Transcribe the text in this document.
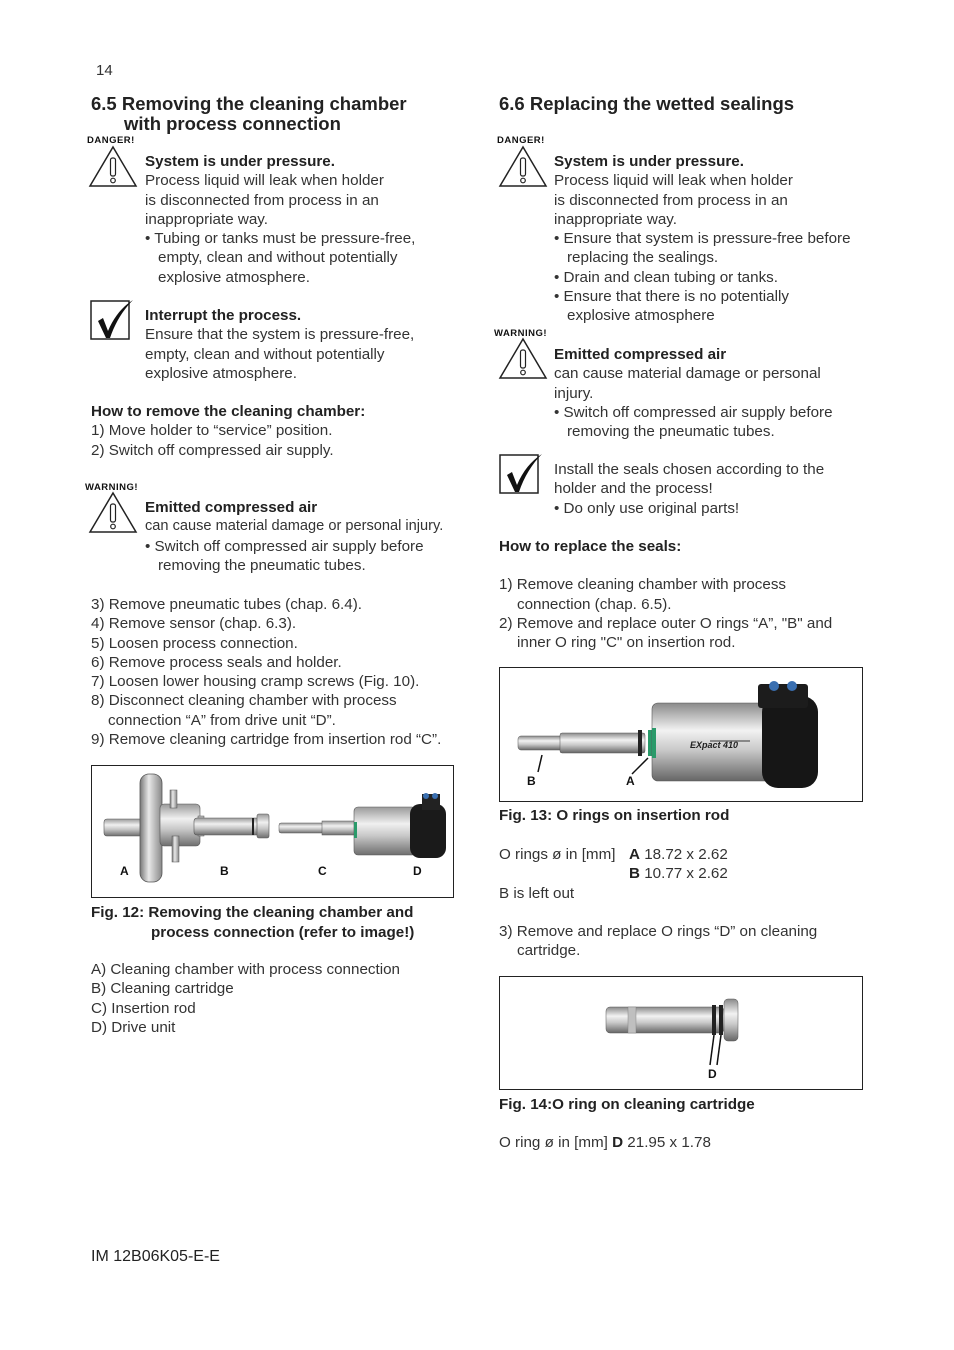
14
6.5 Removing the cleaning chamber
with process connection
DANGER!
System is under pressure.
Process liquid will leak when holder
is disconnected from process in an
inappropriate way.
• Tubing or tanks must be pressure-free,
empty, clean and without potentially
explosive atmosphere.
Interrupt the process.
Ensure that the system is pressure-free,
empty, clean and without potentially
explosive atmosphere.
How to remove the cleaning chamber:
1) Move holder to “service” position.
2) Switch off compressed air supply.
WARNING!
Emitted compressed air
can cause material damage or personal injury.
• Switch off compressed air supply before
removing the pneumatic tubes.
3) Remove pneumatic tubes (chap. 6.4).
4) Remove sensor (chap. 6.3).
5) Loosen process connection.
6) Remove process seals and holder.
7) Loosen lower housing cramp screws (Fig. 10).
8) Disconnect cleaning chamber with process
connection “A” from drive unit “D”.
9) Remove cleaning cartridge from insertion rod “C”.
A	B	C	D
Fig. 12: Removing the cleaning chamber and
process connection (refer to image!)
A) Cleaning chamber with process connection
B) Cleaning cartridge
C) Insertion rod
D) Drive unit
6.6 Replacing the wetted sealings
DANGER!
System is under pressure.
Process liquid will leak when holder
is disconnected from process in an
inappropriate way.
• Ensure that system is pressure-free before
replacing the sealings.
• Drain and clean tubing or tanks.
• Ensure that there is no potentially
explosive atmosphere
WARNING!
Emitted compressed air
can cause material damage or personal
injury.
• Switch off compressed air supply before
removing the pneumatic tubes.
Install the seals chosen according to the
holder and the process!
• Do only use original parts!
How to replace the seals:
1) Remove cleaning chamber with process
connection (chap. 6.5).
2) Remove and replace outer O rings “A”, "B" and
inner O ring "C" on insertion rod.
EXpact 410
B	A
Fig. 13: O rings on insertion rod
O rings ø in [mm] A 18.72 x 2.62
B 10.77 x 2.62
B is left out
3) Remove and replace O rings “D” on cleaning
cartridge.
D
Fig. 14:O ring on cleaning cartridge
O ring ø in [mm] D 21.95 x 1.78
IM 12B06K05-E-E
